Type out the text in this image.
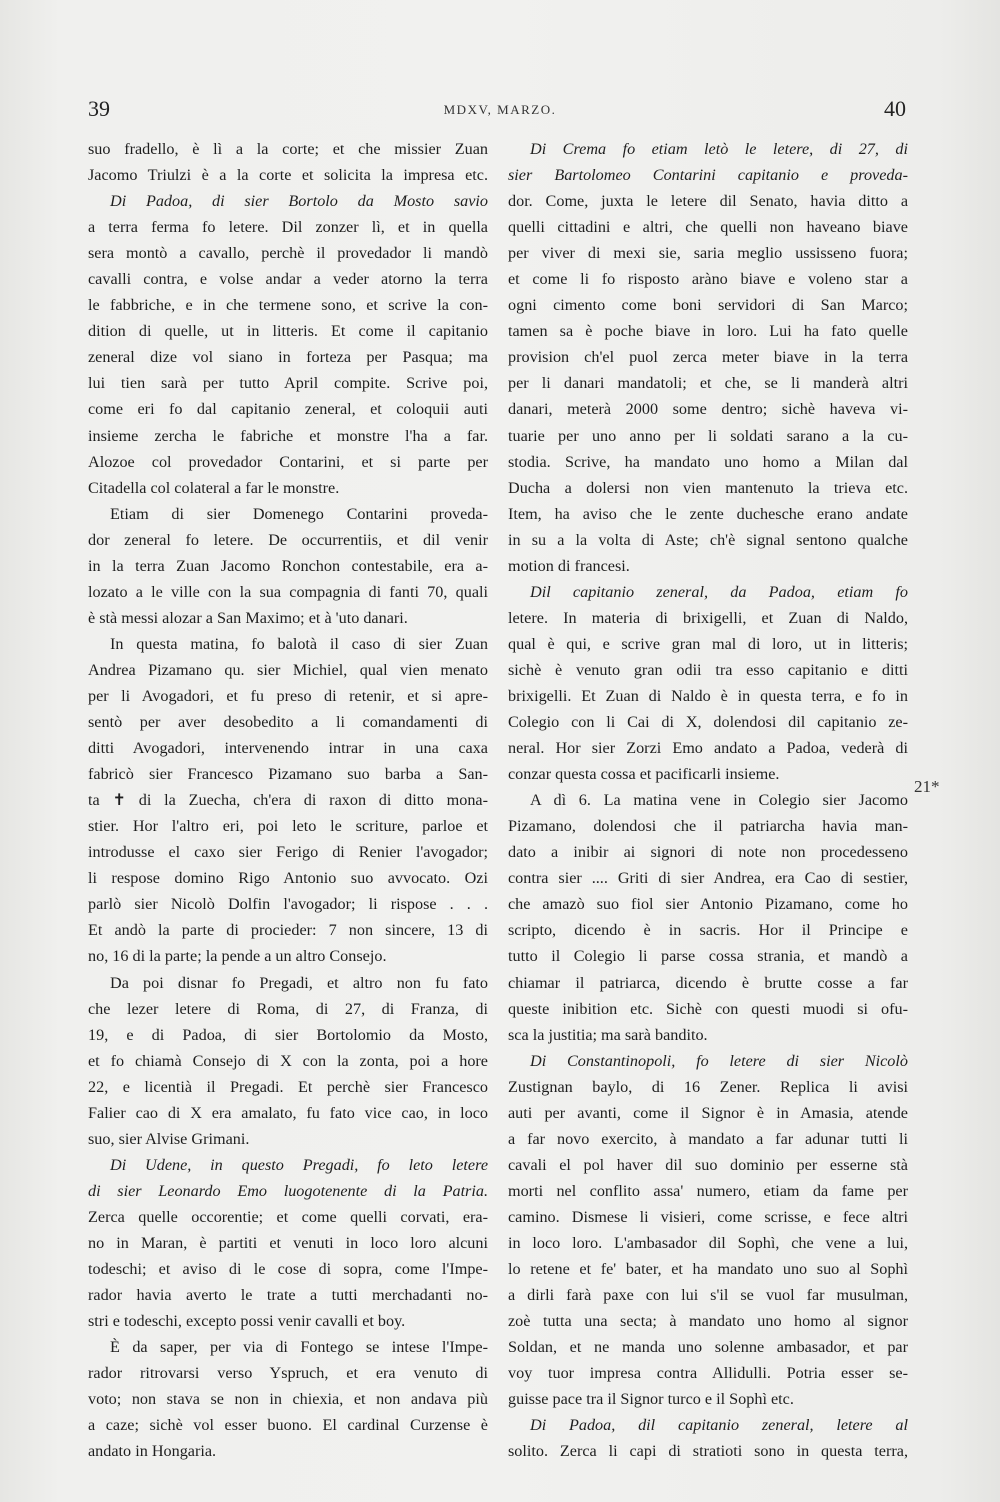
39	MDXV, MARZO.	40
suo fradello, è lì a la corte; et che missier Zuan
Jacomo Triulzi è a la corte et solicita la impresa etc.
Di Padoa, di sier Bortolo da Mosto savio
a terra ferma fo letere. Dil zonzer lì, et in quella
sera montò a cavallo, perchè il provedador li mandò
cavalli contra, e volse andar a veder atorno la terra
le fabbriche, e in che termene sono, et scrive la con-
dition di quelle, ut in litteris. Et come il capitanio
zeneral dize vol siano in forteza per Pasqua; ma
lui tien sarà per tutto April compite. Scrive poi,
come eri fo dal capitanio zeneral, et coloquii auti
insieme zercha le fabriche et monstre l'ha a far.
Alozoe col provedador Contarini, et si parte per
Citadella col colateral a far le monstre.
Etiam di sier Domenego Contarini proveda-
dor zeneral fo letere. De occurrentiis, et dil venir
in la terra Zuan Jacomo Ronchon contestabile, era a-
lozato a le ville con la sua compagnia di fanti 70, quali
è stà messi alozar a San Maximo; et à 'uto danari.
In questa matina, fo balotà il caso di sier Zuan
Andrea Pizamano qu. sier Michiel, qual vien menato
per li Avogadori, et fu preso di retenir, et si apre-
sentò per aver desobedito a li comandamenti di
ditti Avogadori, intervenendo intrar in una caxa
fabricò sier Francesco Pizamano suo barba a San-
ta ✝ di la Zuecha, ch'era di raxon di ditto mona-
stier. Hor l'altro eri, poi leto le scriture, parloe et
introdusse el caxo sier Ferigo di Renier l'avogador;
li respose domino Rigo Antonio suo avvocato. Ozi
parlò sier Nicolò Dolfin l'avogador; li rispose . . .
Et andò la parte di procieder: 7 non sincere, 13 di
no, 16 di la parte; la pende a un altro Consejo.
Da poi disnar fo Pregadi, et altro non fu fato
che lezer letere di Roma, di 27, di Franza, di
19, e di Padoa, di sier Bortolomio da Mosto,
et fo chiamà Consejo di X con la zonta, poi a hore
22, e licentià il Pregadi. Et perchè sier Francesco
Falier cao di X era amalato, fu fato vice cao, in loco
suo, sier Alvise Grimani.
Di Udene, in questo Pregadi, fo leto letere
di sier Leonardo Emo luogotenente di la Patria.
Zerca quelle occorentie; et come quelli corvati, era-
no in Maran, è partiti et venuti in loco loro alcuni
todeschi; et aviso di le cose di sopra, come l'Impe-
rador havia averto le trate a tutti merchadanti no-
stri e todeschi, excepto possi venir cavalli et boy.
È da saper, per via di Fontego se intese l'Impe-
rador ritrovarsi verso Yspruch, et era venuto di
voto; non stava se non in chiexia, et non andava più
a caze; sichè vol esser buono. El cardinal Curzense è
andato in Hongaria.
Di Crema fo etiam letò le letere, di 27, di
sier Bartolomeo Contarini capitanio e proveda-
dor. Come, juxta le letere dil Senato, havia ditto a
quelli cittadini e altri, che quelli non haveano biave
per viver di mexi sie, saria meglio ussisseno fuora;
et come li fo risposto aràno biave e voleno star a
ogni cimento come boni servidori di San Marco;
tamen sa è poche biave in loro. Lui ha fato quelle
provision ch'el puol zerca meter biave in la terra
per li danari mandatoli; et che, se li manderà altri
danari, meterà 2000 some dentro; sichè haveva vi-
tuarie per uno anno per li soldati sarano a la cu-
stodia. Scrive, ha mandato uno homo a Milan dal
Ducha a dolersi non vien mantenuto la trieva etc.
Item, ha aviso che le zente duchesche erano andate
in su a la volta di Aste; ch'è signal sentono qualche
motion di francesi.
Dil capitanio zeneral, da Padoa, etiam fo
letere. In materia di brixigelli, et Zuan di Naldo,
qual è qui, e scrive gran mal di loro, ut in litteris;
sichè è venuto gran odii tra esso capitanio e ditti
brixigelli. Et Zuan di Naldo è in questa terra, e fo in
Colegio con li Cai di X, dolendosi dil capitanio ze-
neral. Hor sier Zorzi Emo andato a Padoa, vederà di
conzar questa cossa et pacificarli insieme.
A dì 6. La matina vene in Colegio sier Jacomo
Pizamano, dolendosi che il patriarcha havia man-
dato a inibir ai signori di note non procedesseno
contra sier .... Griti di sier Andrea, era Cao di sestier,
che amazò suo fiol sier Antonio Pizamano, come ho
scripto, dicendo è in sacris. Hor il Principe e
tutto il Colegio li parse cossa strania, et mandò a
chiamar il patriarca, dicendo è brutte cosse a far
queste inibition etc. Sichè con questi muodi si ofu-
sca la justitia; ma sarà bandito.
Di Constantinopoli, fo letere di sier Nicolò
Zustignan baylo, di 16 Zener. Replica li avisi
auti per avanti, come il Signor è in Amasia, atende
a far novo exercito, à mandato a far adunar tutti li
cavali el pol haver dil suo dominio per esserne stà
morti nel conflito assa' numero, etiam da fame per
camino. Dismese li visieri, come scrisse, e fece altri
in loco loro. L'ambasador dil Sophì, che vene a lui,
lo retene et fe' bater, et ha mandato uno suo al Sophì
a dirli farà paxe con lui s'il se vuol far musulman,
zoè tutta una secta; à mandato uno homo al signor
Soldan, et ne manda uno solenne ambasador, et par
voy tuor impresa contra Allidulli. Potria esser se-
guisse pace tra il Signor turco e il Sophì etc.
Di Padoa, dil capitanio zeneral, letere al
solito. Zerca li capi di stratioti sono in questa terra,
21*
